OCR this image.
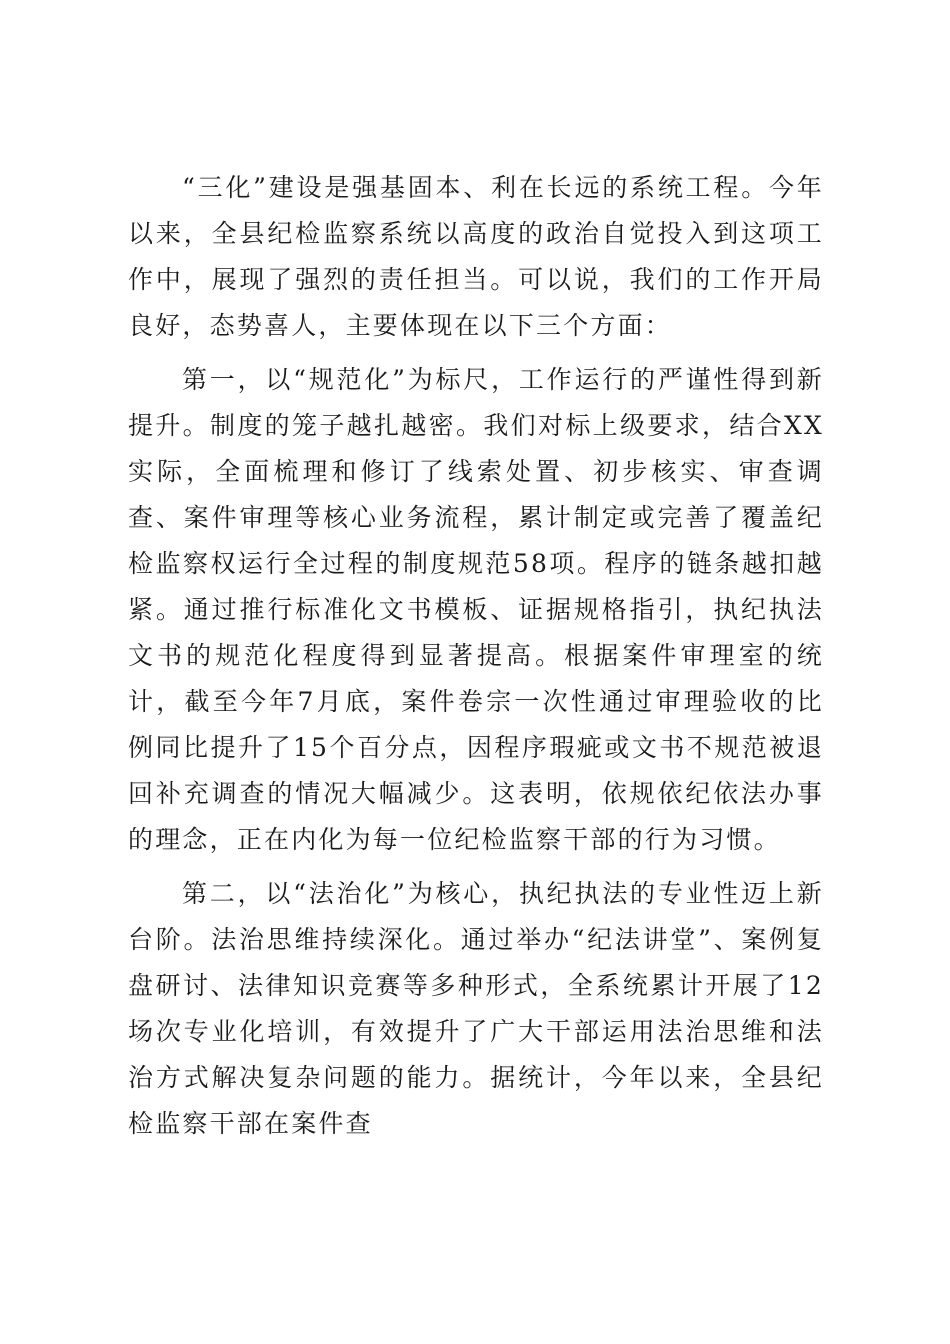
“三化”建设是强基固本、利在长远的系统工程。今年以来，全县纪检监察系统以高度的政治自觉投入到这项工作中，展现了强烈的责任担当。可以说，我们的工作开局良好，态势喜人，主要体现在以下三个方面：

第一，以“规范化”为标尺，工作运行的严谨性得到新提升。制度的笼子越扎越密。我们对标上级要求，结合XX实际，全面梳理和修订了线索处置、初步核实、审查调查、案件审理等核心业务流程，累计制定或完善了覆盖纪检监察权运行全过程的制度规范58项。程序的链条越扣越紧。通过推行标准化文书模板、证据规格指引，执纪执法文书的规范化程度得到显著提高。根据案件审理室的统计，截至今年7月底，案件卷宗一次性通过审理验收的比例同比提升了15个百分点，因程序瑕疵或文书不规范被退回补充调查的情况大幅减少。这表明，依规依纪依法办事的理念，正在内化为每一位纪检监察干部的行为习惯。

第二，以“法治化”为核心，执纪执法的专业性迈上新台阶。法治思维持续深化。通过举办“纪法讲堂”、案例复盘研讨、法律知识竞赛等多种形式，全系统累计开展了12场次专业化培训，有效提升了广大干部运用法治思维和法治方式解决复杂问题的能力。据统计，今年以来，全县纪检监察干部在案件查
